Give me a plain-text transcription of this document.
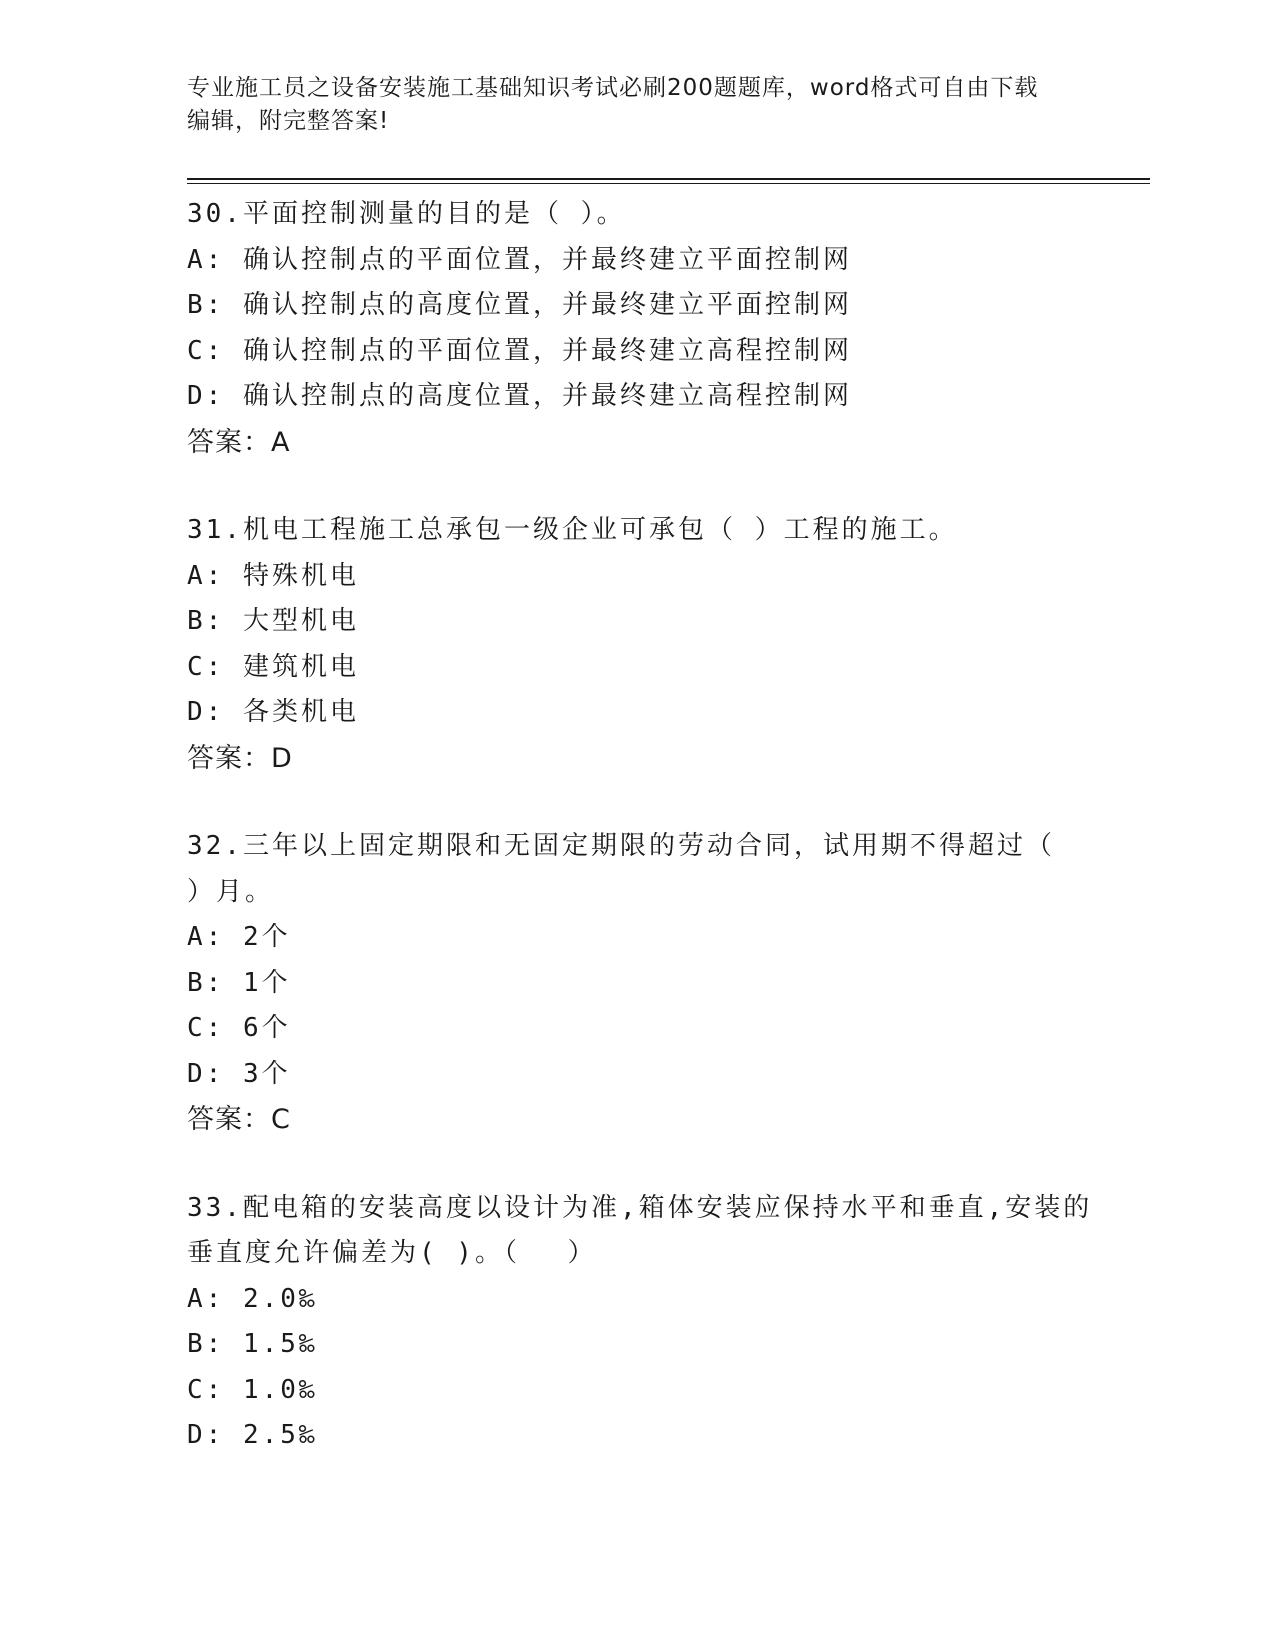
专业施工员之设备安装施工基础知识考试必刷200题题库，word格式可自由下载
编辑，附完整答案!
30.平面控制测量的目的是（ ）。
A: 确认控制点的平面位置，并最终建立平面控制网
B: 确认控制点的高度位置，并最终建立平面控制网
C: 确认控制点的平面位置，并最终建立高程控制网
D: 确认控制点的高度位置，并最终建立高程控制网
答案：A
31.机电工程施工总承包一级企业可承包（ ）工程的施工。
A: 特殊机电
B: 大型机电
C: 建筑机电
D: 各类机电
答案：D
32.三年以上固定期限和无固定期限的劳动合同，试用期不得超过（
）月。
A: 2个
B: 1个
C: 6个
D: 3个
答案：C
33.配电箱的安装高度以设计为准,箱体安装应保持水平和垂直,安装的
垂直度允许偏差为( )。（　 ）
A: 2.0‰
B: 1.5‰
C: 1.0‰
D: 2.5‰
